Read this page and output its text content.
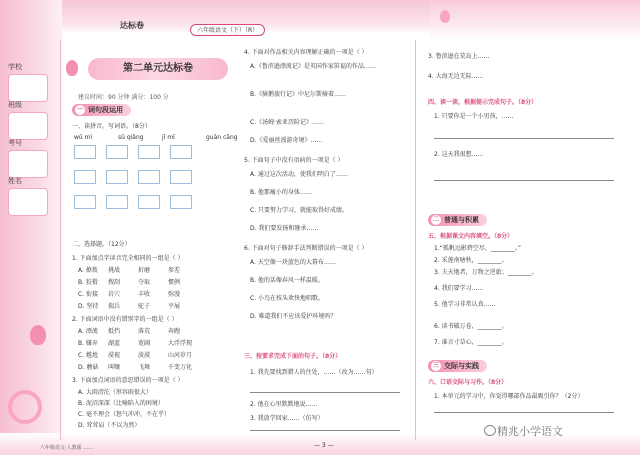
达标卷
六年级语文（下）（R）
学校
班级
考号
姓名
第二单元达标卷
建议时间：90 分钟 满分：100 分
一 词句段运用
一、读拼音，写词语。（8分）
wǔ mì	sǔ qiǎng	jǐ mǐ	guān cāng
二、选择题。（12分）
1. 下面加点字读音完全相同的一组是（ ）
A. 撩拨 挑战	折磨	参差
B. 狡猾 搜刮	夺取	惯例
C. 衔接 岩穴	丰收	弥漫
D. 坚持 揣兵	驼子	平展
2. 下面词语中没有错别字的一组是（ ）
A. 漂流 抵挡	落荒	奔跑
B. 嫌弃 湖蓝	宽阔	大浮浮现
C. 尴尬 漠视	淡漠	山河岁月
D. 蘑菇 叫嚷	飞舞	千变万化
3. 下面加点词语的意思错误的一项是（ ）
A. 大雨滂沱（形容雨很大）
B. 泥沼深深（比喻陷入的困境）
C. 毫不理会（怒气冲冲，不在乎）
D. 耸耸肩（不以为然）
4. 下面对作品相关内容理解正确的一项是（ ）
A.《鲁滨逊漂流记》是英国作家笛福的作品……
B.《骑鹅旅行记》中尼尔斯骑着……
C.《汤姆·索亚历险记》……
D.《爱丽丝漫游奇境》……
5. 下面句子中没有语病的一项是（ ）
A. 通过这次活动，使我们明白了……
B. 他那瘦小的身体……
C. 只要努力学习，就能取得好成绩。
D. 我们要发扬和继承……
6. 下面对句子修辞手法判断错误的一项是（ ）
A. 天空像一块蓝色的大幕布……
B. 他的话像春风一样温暖。
C. 小鸟在枝头欢快地唱歌。
D. 难道我们不应该爱护环境吗？
三、按要求完成下面的句子。（8分）
1. 我先要找到猎人的住处，……（改为……句）
2. 他在心里默默地说……
3. 我放学回家……（仿写）
3. 鲁滨逊在荒岛上……
4. 大海无边无际……
四、读一读，根据提示完成句子。（8分）
1. 只要你是一个小男孩，……
2. 这天我很想……
二 普通与积累
五、根据课文内容填空。（8分）
1.“孤帆远影碧空尽，________。”
2. 采莲南塘秋，________。
3. 夫天地者，万物之逆旅；________。
4. 我们要学习……
5. 他学习非常认真……
6. 读书破万卷，________。
7. 谁言寸草心，________。
三 交际与实践
六、口语交际与习作。（8分）
1. 本单元的学习中，你觉得哪部作品最吸引你？（2分）
— 3 —
六年级语文·人教版 ……
精兆小学语文
